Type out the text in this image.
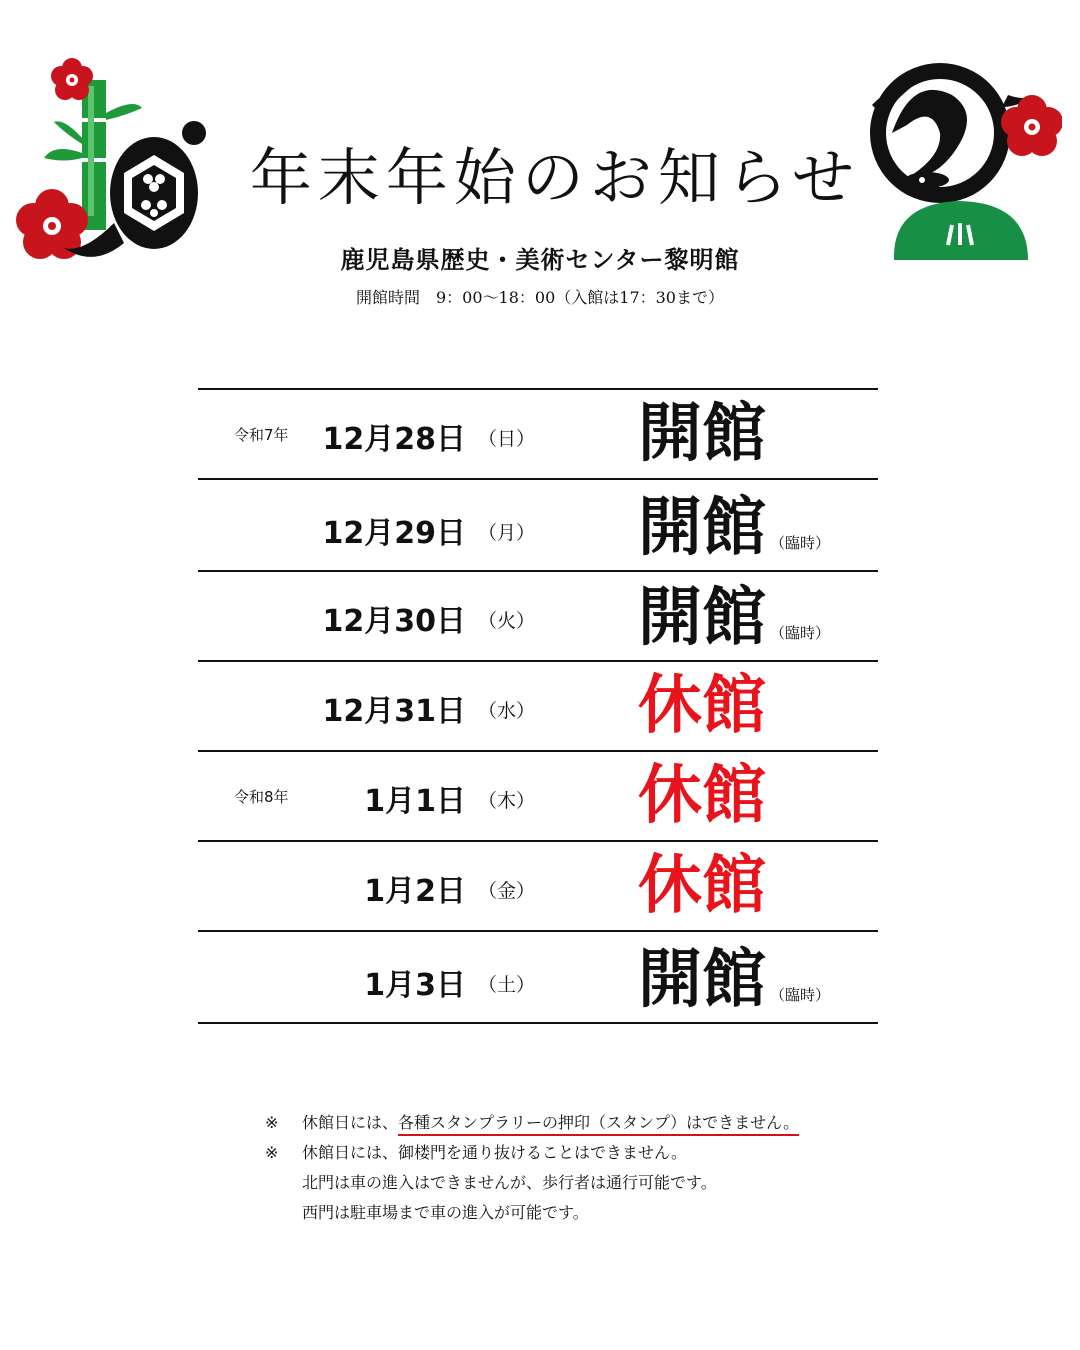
年末年始のお知らせ
鹿児島県歴史・美術センター黎明館
開館時間　9：00〜18：00（入館は17：30まで）
令和7年 12月28日 （日） 開館
12月29日 （月） 開館 （臨時）
12月30日 （火） 開館 （臨時）
12月31日 （水） 休館
令和8年	1月1日 （木） 休館
1月2日 （金） 休館
1月3日 （土） 開館 （臨時）
※ 休館日には、各種スタンプラリーの押印（スタンプ）はできません。
※ 休館日には、御楼門を通り抜けることはできません。
北門は車の進入はできませんが、歩行者は通行可能です。
西門は駐車場まで車の進入が可能です。
